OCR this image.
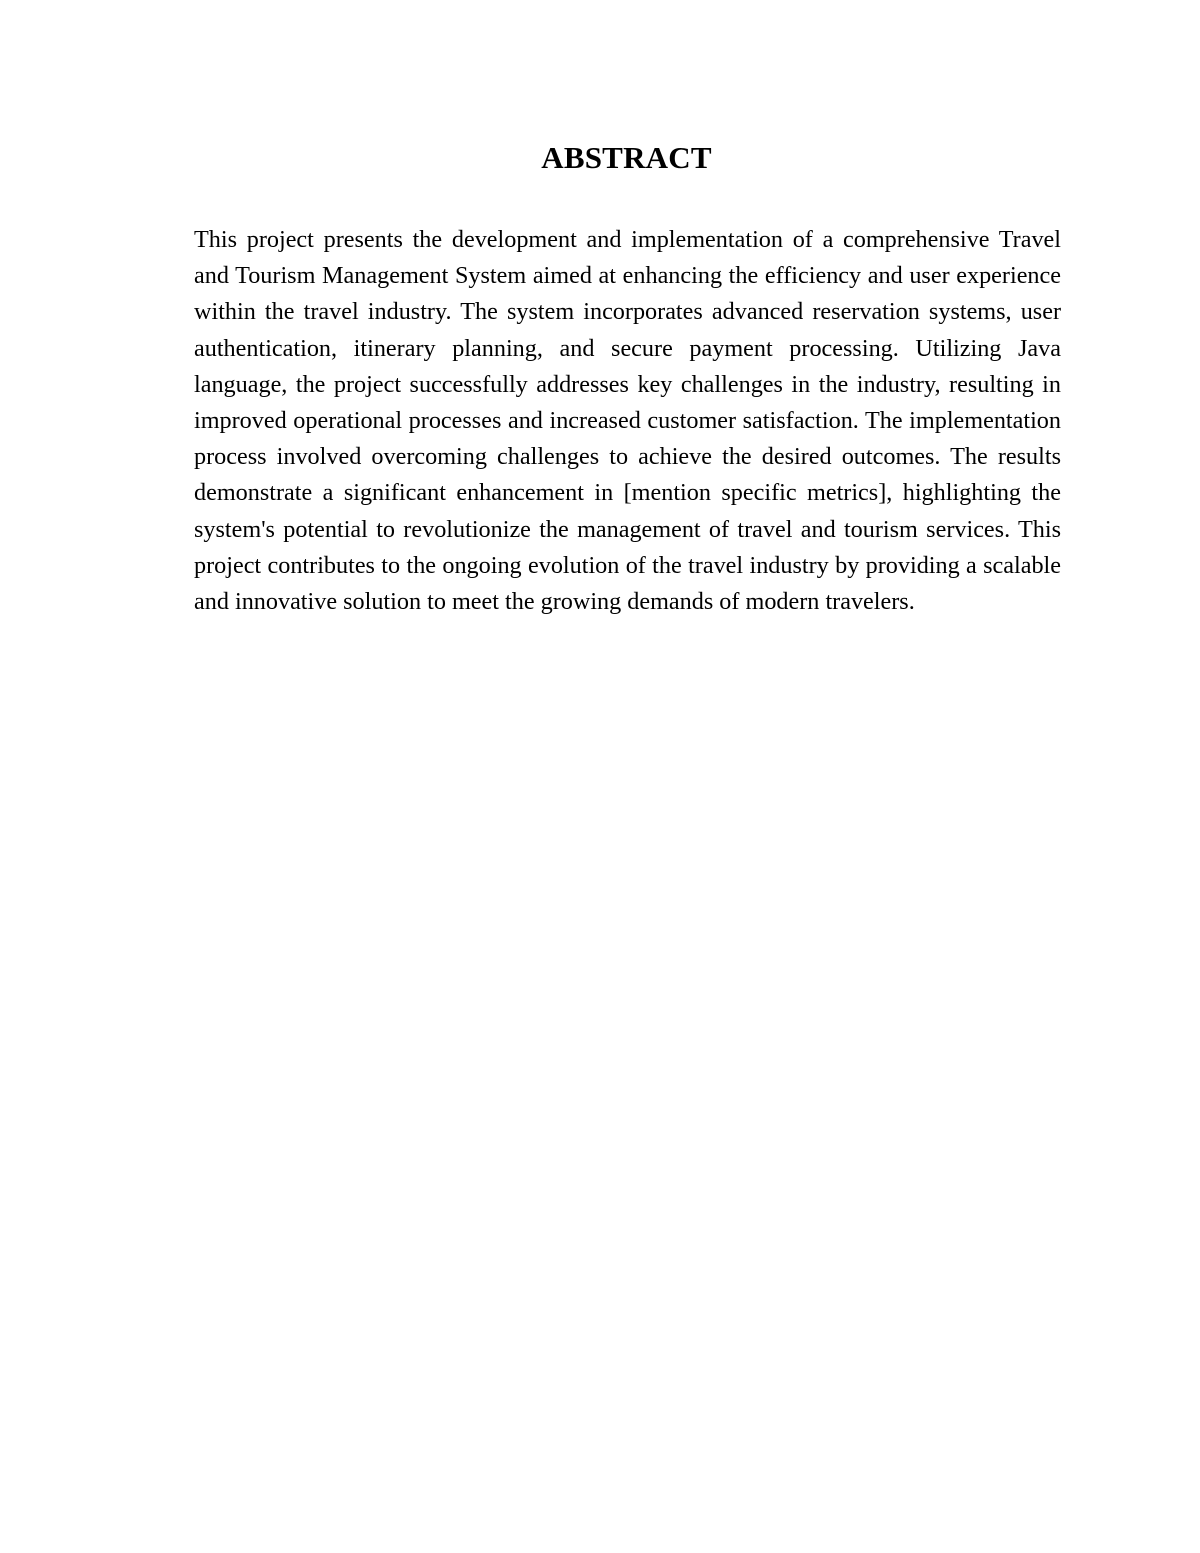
ABSTRACT

This project presents the development and implementation of a comprehensive Travel and Tourism Management System aimed at enhancing the efficiency and user experience within the travel industry. The system incorporates advanced reservation systems, user authentication, itinerary planning, and secure payment processing. Utilizing Java language, the project successfully addresses key challenges in the industry, resulting in improved operational processes and increased customer satisfaction. The implementation process involved overcoming challenges to achieve the desired outcomes. The results demonstrate a significant enhancement in [mention specific metrics], highlighting the system's potential to revolutionize the management of travel and tourism services. This project contributes to the ongoing evolution of the travel industry by providing a scalable and innovative solution to meet the growing demands of modern travelers.
